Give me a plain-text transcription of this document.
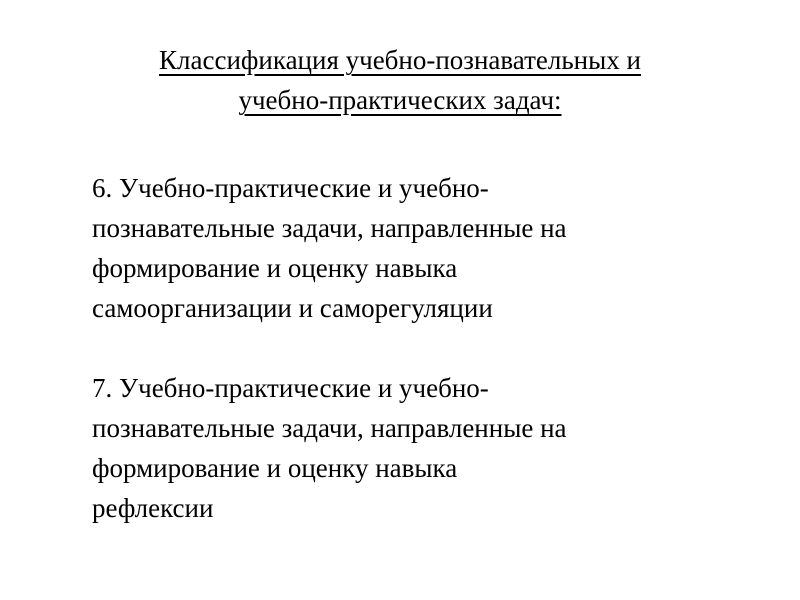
Классификация учебно-познавательных и
учебно-практических задач:
6. Учебно-практические и учебно-
познавательные задачи, направленные на
формирование и оценку навыка
самоорганизации и саморегуляции
7. Учебно-практические и учебно-
познавательные задачи, направленные на
формирование и оценку навыка
рефлексии
